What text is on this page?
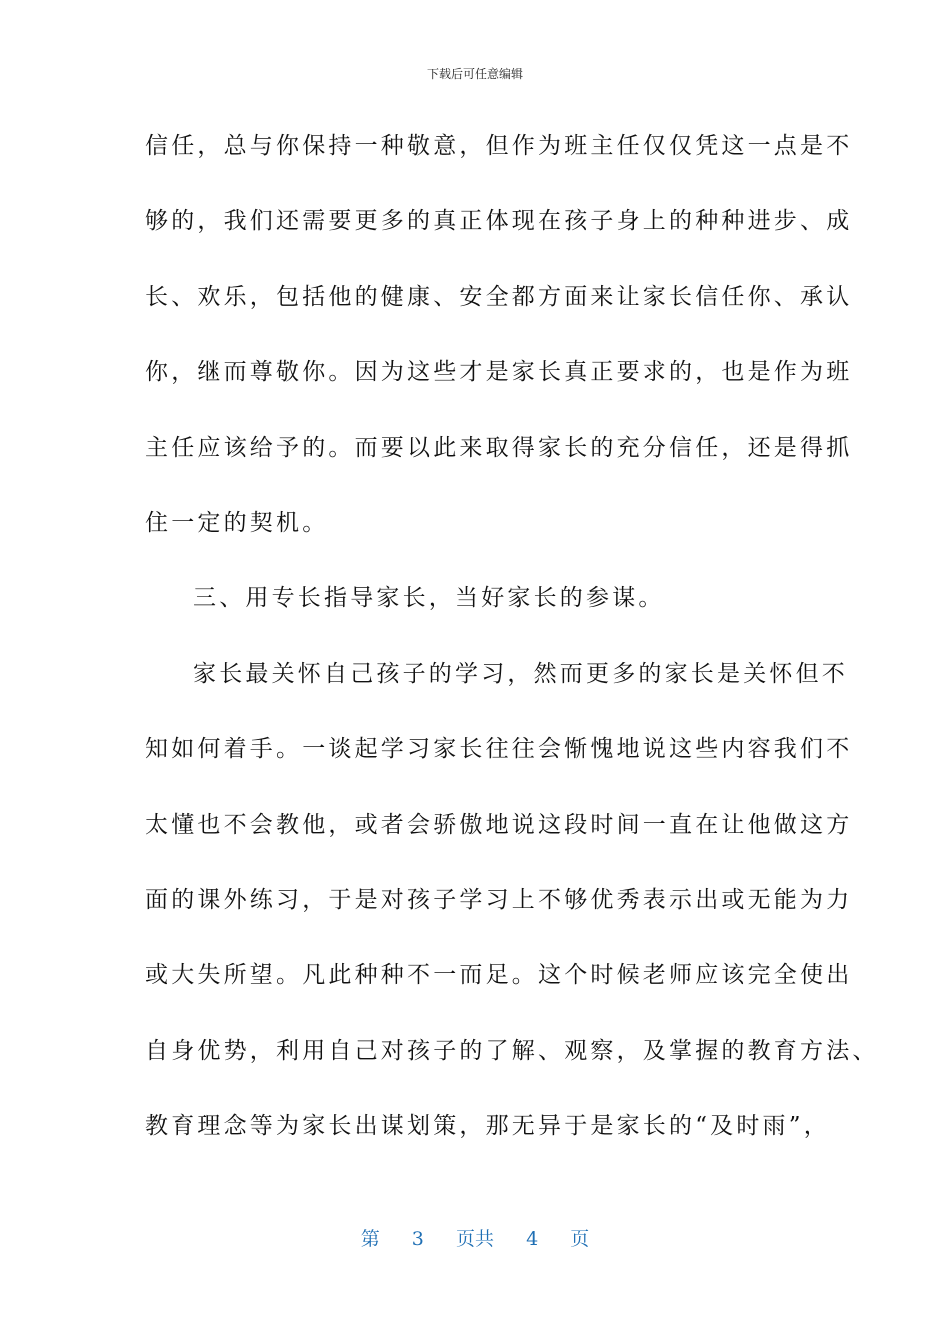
下载后可任意编辑
信任，总与你保持一种敬意，但作为班主任仅仅凭这一点是不
够的，我们还需要更多的真正体现在孩子身上的种种进步、成
长、欢乐，包括他的健康、安全都方面来让家长信任你、承认
你，继而尊敬你。因为这些才是家长真正要求的，也是作为班
主任应该给予的。而要以此来取得家长的充分信任，还是得抓
住一定的契机。
三、用专长指导家长，当好家长的参谋。
家长最关怀自己孩子的学习，然而更多的家长是关怀但不
知如何着手。一谈起学习家长往往会惭愧地说这些内容我们不
太懂也不会教他，或者会骄傲地说这段时间一直在让他做这方
面的课外练习，于是对孩子学习上不够优秀表示出或无能为力
或大失所望。凡此种种不一而足。这个时候老师应该完全使出
自身优势，利用自己对孩子的了解、观察，及掌握的教育方法、
教育理念等为家长出谋划策，那无异于是家长的“及时雨”，
第 3 页共 4 页
